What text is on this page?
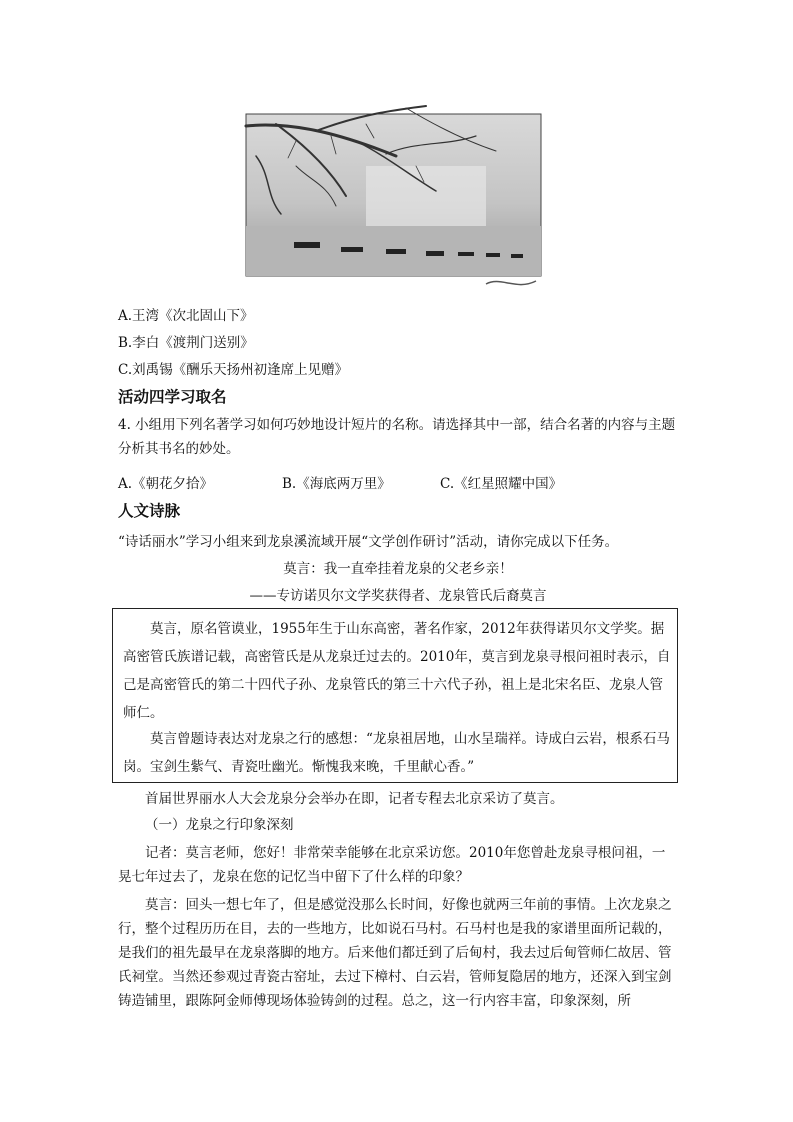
A.王湾《次北固山下》
B.李白《渡荆门送别》
C.刘禹锡《酬乐天扬州初逢席上见赠》
活动四学习取名
4. 小组用下列名著学习如何巧妙地设计短片的名称。请选择其中一部，结合名著的内容与主题分析其书名的妙处。
A.《朝花夕拾》	B.《海底两万里》	C.《红星照耀中国》
人文诗脉
“诗话丽水”学习小组来到龙泉溪流域开展“文学创作研讨”活动，请你完成以下任务。
莫言：我一直牵挂着龙泉的父老乡亲！
——专访诺贝尔文学奖获得者、龙泉管氏后裔莫言
莫言，原名管谟业，1955年生于山东高密，著名作家，2012年获得诺贝尔文学奖。据高密管氏族谱记载，高密管氏是从龙泉迁过去的。2010年，莫言到龙泉寻根问祖时表示，自己是高密管氏的第二十四代子孙、龙泉管氏的第三十六代子孙，祖上是北宋名臣、龙泉人管师仁。
莫言曾题诗表达对龙泉之行的感想：“龙泉祖居地，山水呈瑞祥。诗成白云岩，根系石马岗。宝剑生紫气、青瓷吐幽光。惭愧我来晚，千里献心香。”
首届世界丽水人大会龙泉分会举办在即，记者专程去北京采访了莫言。
（一）龙泉之行印象深刻
记者：莫言老师，您好！非常荣幸能够在北京采访您。2010年您曾赴龙泉寻根问祖，一晃七年过去了，龙泉在您的记忆当中留下了什么样的印象？
莫言：回头一想七年了，但是感觉没那么长时间，好像也就两三年前的事情。上次龙泉之行，整个过程历历在目，去的一些地方，比如说石马村。石马村也是我的家谱里面所记载的，是我们的祖先最早在龙泉落脚的地方。后来他们都迁到了后甸村，我去过后甸管师仁故居、管氏祠堂。当然还参观过青瓷古窑址，去过下樟村、白云岩，管师复隐居的地方，还深入到宝剑铸造铺里，跟陈阿金师傅现场体验铸剑的过程。总之，这一行内容丰富，印象深刻，所
